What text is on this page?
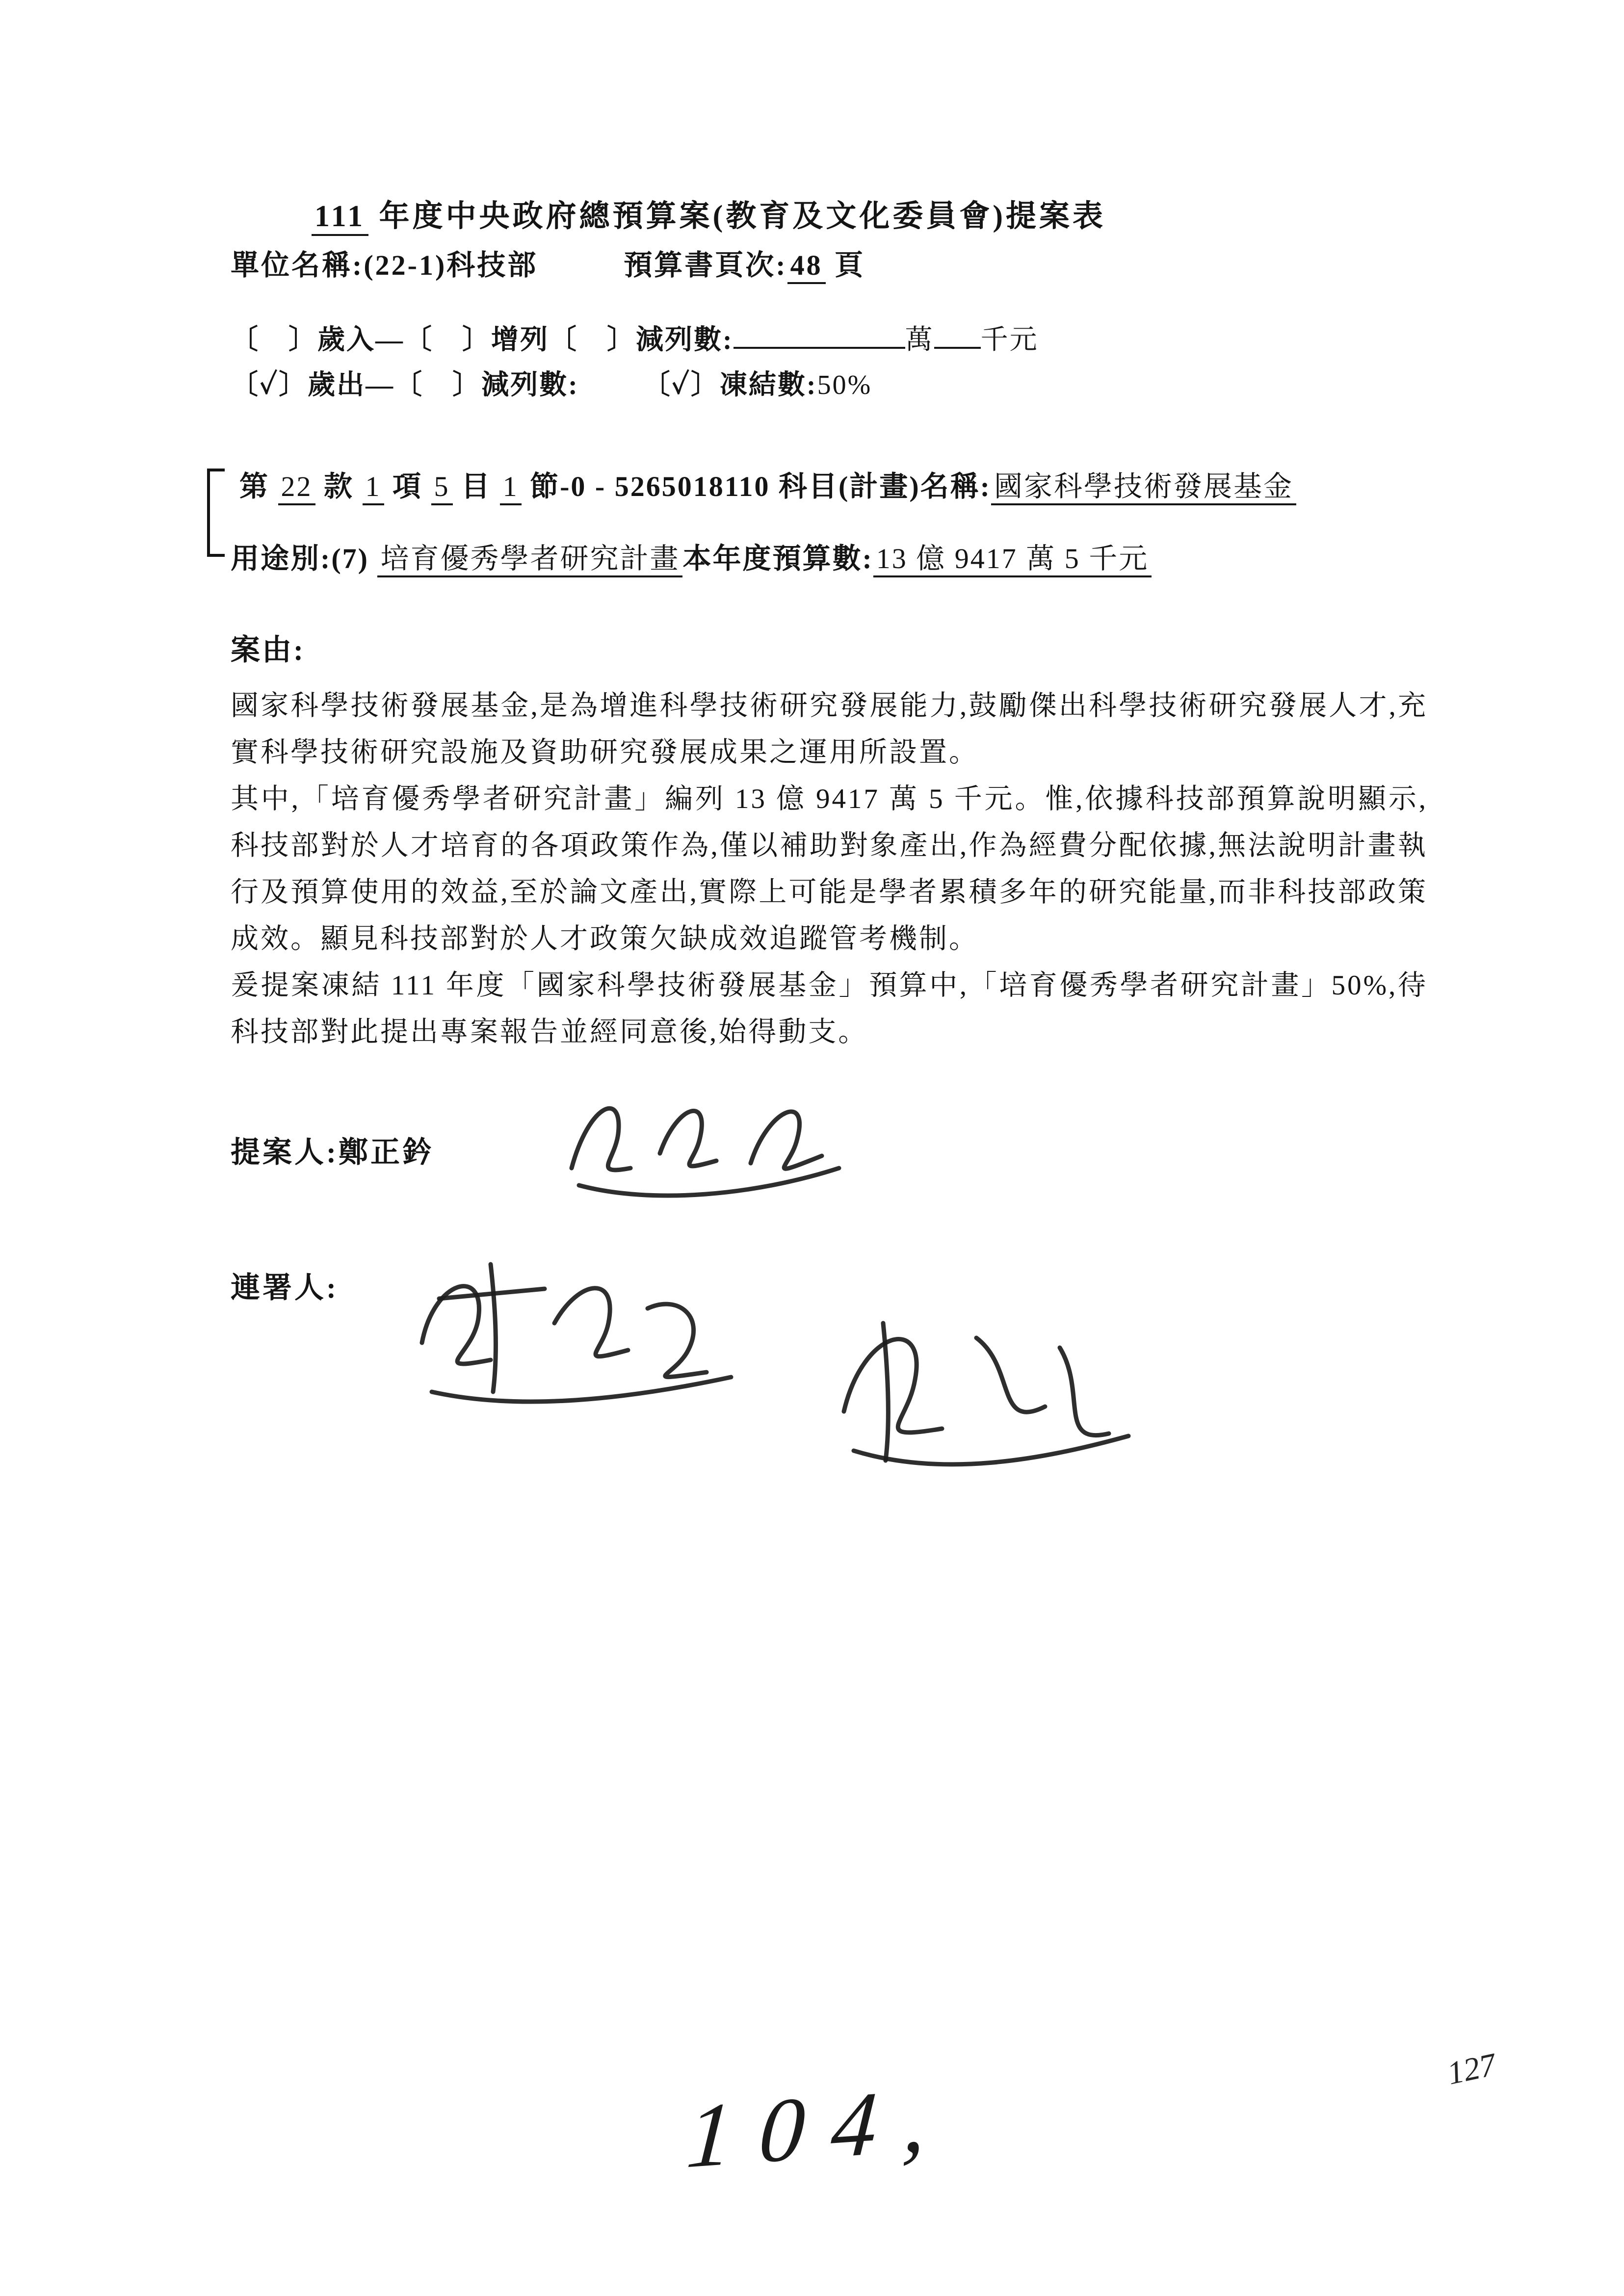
111 年度中央政府總預算案(教育及文化委員會)提案表
單位名稱:(22-1)科技部	預算書頁次: 48 頁
〔　〕歲入—〔　〕增列〔　〕減列數:	萬 千元
〔✓〕歲出—〔　〕減列數: 〔✓〕凍結數:50%
第 22 款 1 項 5 目 1 節-0 - 5265018110 科目(計畫)名稱: 國家科學技術發展基金
用途別:(7) 培育優秀學者研究計畫 本年度預算數: 13 億 9417 萬 5 千元
案由:

國家科學技術發展基金,是為增進科學技術研究發展能力,鼓勵傑出科學技術研究發展人才,充實科學技術研究設施及資助研究發展成果之運用所設置。

其中,「培育優秀學者研究計畫」編列 13 億 9417 萬 5 千元。惟,依據科技部預算說明顯示,科技部對於人才培育的各項政策作為,僅以補助對象產出,作為經費分配依據,無法說明計畫執行及預算使用的效益,至於論文產出,實際上可能是學者累積多年的研究能量,而非科技部政策成效。顯見科技部對於人才政策欠缺成效追蹤管考機制。

爰提案凍結 111 年度「國家科學技術發展基金」預算中,「培育優秀學者研究計畫」50%,待科技部對此提出專案報告並經同意後,始得動支。

提案人:鄭正鈐
連署人:
104,	127
